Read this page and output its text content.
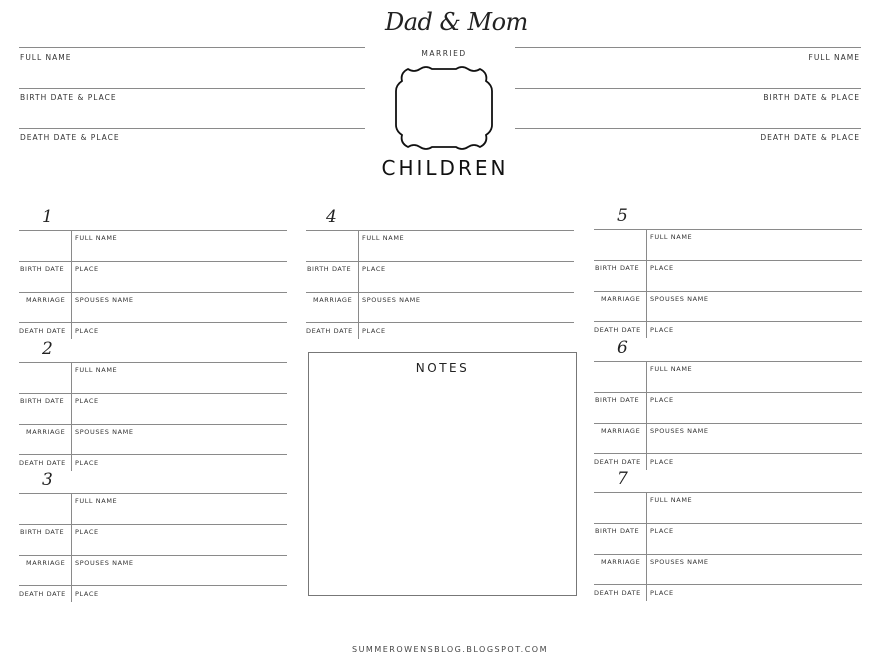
Dad & Mom
MARRIED
CHILDREN
FULL NAME
BIRTH DATE & PLACE
DEATH DATE & PLACE
FULL NAME
BIRTH DATE & PLACE
DEATH DATE & PLACE
1
FULL NAME
BIRTH DATE PLACE
MARRIAGE SPOUSES NAME
DEATH DATE PLACE
2
FULL NAME
BIRTH DATE PLACE
MARRIAGE SPOUSES NAME
DEATH DATE PLACE
3
FULL NAME
BIRTH DATE PLACE
MARRIAGE SPOUSES NAME
DEATH DATE PLACE
4
FULL NAME
BIRTH DATE PLACE
MARRIAGE SPOUSES NAME
DEATH DATE PLACE
5
FULL NAME
BIRTH DATE PLACE
MARRIAGE SPOUSES NAME
DEATH DATE PLACE
6
FULL NAME
BIRTH DATE PLACE
MARRIAGE SPOUSES NAME
DEATH DATE PLACE
7
FULL NAME
BIRTH DATE PLACE
MARRIAGE SPOUSES NAME
DEATH DATE PLACE
NOTES
SUMMEROWENSBLOG.BLOGSPOT.COM
